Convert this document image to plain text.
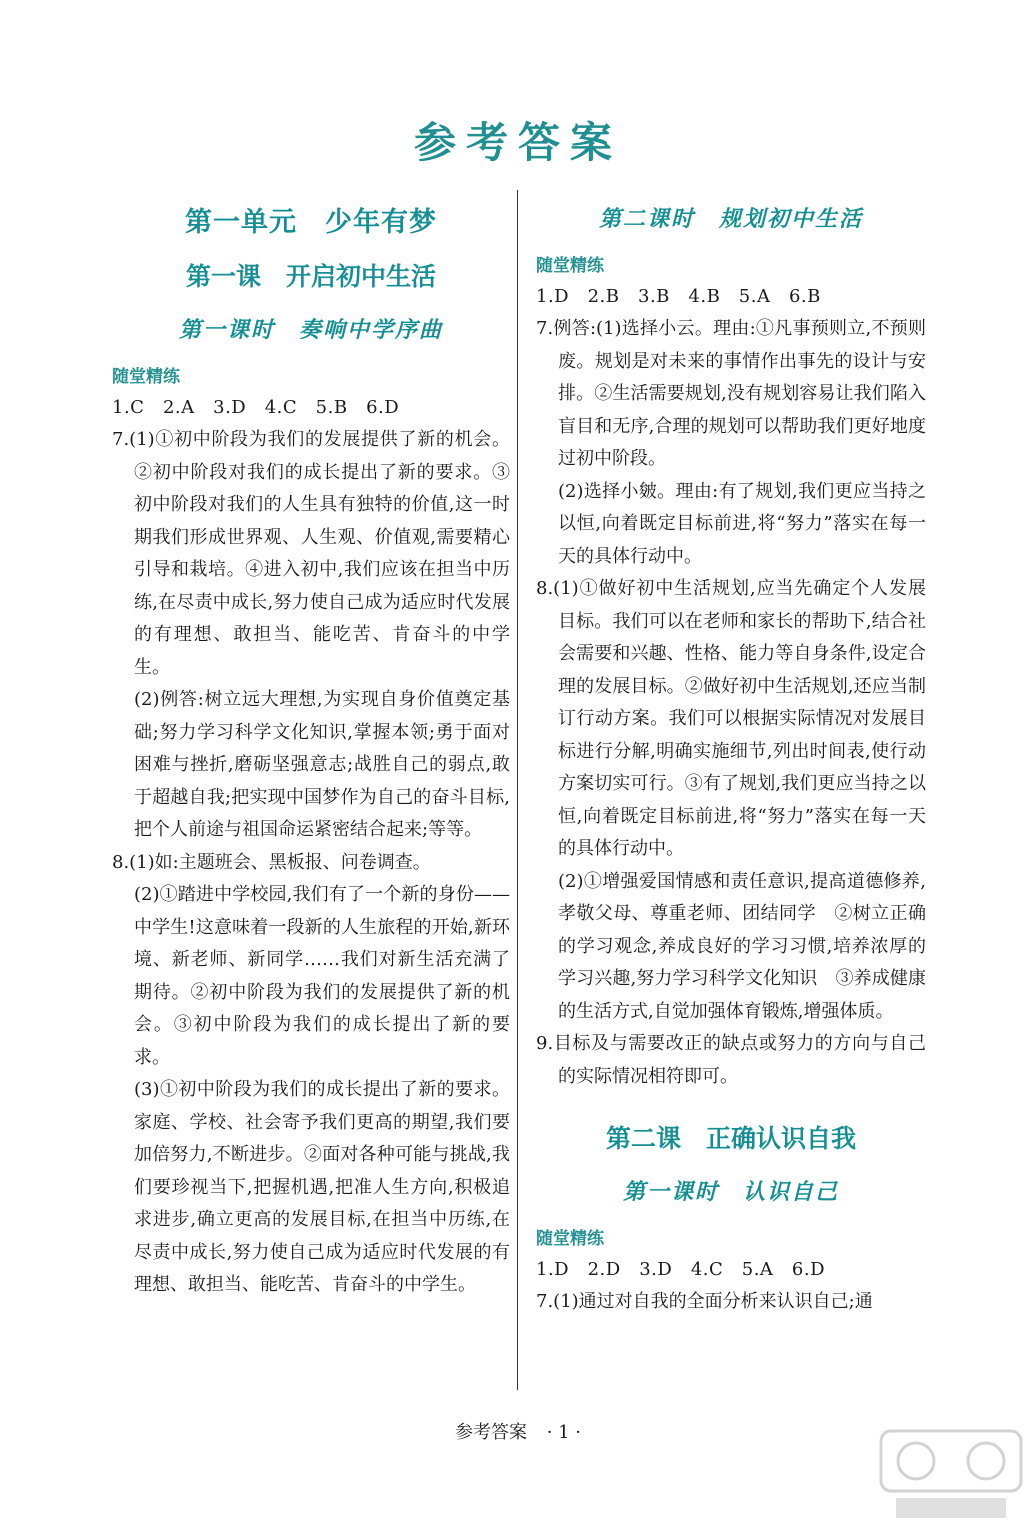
参考答案
第一单元　少年有梦
第一课　开启初中生活
第一课时　奏响中学序曲
随堂精练
1.C　2.A　3.D　4.C　5.B　6.D
7.(1)①初中阶段为我们的发展提供了新的机会。②初中阶段对我们的成长提出了新的要求。③初中阶段对我们的人生具有独特的价值,这一时期我们形成世界观、人生观、价值观,需要精心引导和栽培。④进入初中,我们应该在担当中历练,在尽责中成长,努力使自己成为适应时代发展的有理想、敢担当、能吃苦、肯奋斗的中学生。
(2)例答:树立远大理想,为实现自身价值奠定基础;努力学习科学文化知识,掌握本领;勇于面对困难与挫折,磨砺坚强意志;战胜自己的弱点,敢于超越自我;把实现中国梦作为自己的奋斗目标,把个人前途与祖国命运紧密结合起来;等等。
8.(1)如:主题班会、黑板报、问卷调查。
(2)①踏进中学校园,我们有了一个新的身份——中学生!这意味着一段新的人生旅程的开始,新环境、新老师、新同学……我们对新生活充满了期待。②初中阶段为我们的发展提供了新的机会。③初中阶段为我们的成长提出了新的要求。
(3)①初中阶段为我们的成长提出了新的要求。家庭、学校、社会寄予我们更高的期望,我们要加倍努力,不断进步。②面对各种可能与挑战,我们要珍视当下,把握机遇,把准人生方向,积极追求进步,确立更高的发展目标,在担当中历练,在尽责中成长,努力使自己成为适应时代发展的有理想、敢担当、能吃苦、肯奋斗的中学生。
第二课时　规划初中生活
随堂精练
1.D　2.B　3.B　4.B　5.A　6.B
7.例答:(1)选择小云。理由:①凡事预则立,不预则废。规划是对未来的事情作出事先的设计与安排。②生活需要规划,没有规划容易让我们陷入盲目和无序,合理的规划可以帮助我们更好地度过初中阶段。
(2)选择小皴。理由:有了规划,我们更应当持之以恒,向着既定目标前进,将“努力”落实在每一天的具体行动中。
8.(1)①做好初中生活规划,应当先确定个人发展目标。我们可以在老师和家长的帮助下,结合社会需要和兴趣、性格、能力等自身条件,设定合理的发展目标。②做好初中生活规划,还应当制订行动方案。我们可以根据实际情况对发展目标进行分解,明确实施细节,列出时间表,使行动方案切实可行。③有了规划,我们更应当持之以恒,向着既定目标前进,将“努力”落实在每一天的具体行动中。
(2)①增强爱国情感和责任意识,提高道德修养,孝敬父母、尊重老师、团结同学　②树立正确的学习观念,养成良好的学习习惯,培养浓厚的学习兴趣,努力学习科学文化知识　③养成健康的生活方式,自觉加强体育锻炼,增强体质。
9.目标及与需要改正的缺点或努力的方向与自己的实际情况相符即可。
第二课　正确认识自我
第一课时　认识自己
随堂精练
1.D　2.D　3.D　4.C　5.A　6.D
7.(1)通过对自我的全面分析来认识自己;通
参考答案 · 1 ·
